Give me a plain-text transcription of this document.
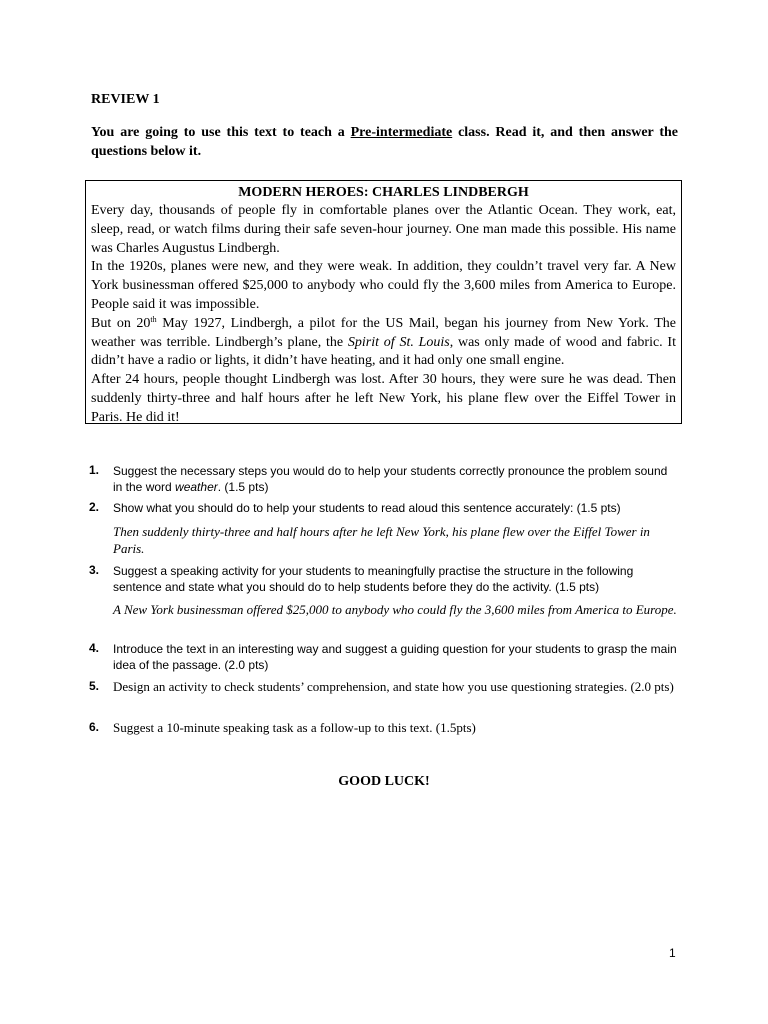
REVIEW 1
You are going to use this text to teach a Pre-intermediate class. Read it, and then answer the questions below it.
MODERN HEROES: CHARLES LINDBERGH

Every day, thousands of people fly in comfortable planes over the Atlantic Ocean. They work, eat, sleep, read, or watch films during their safe seven-hour journey. One man made this possible. His name was Charles Augustus Lindbergh.

In the 1920s, planes were new, and they were weak. In addition, they couldn’t travel very far. A New York businessman offered $25,000 to anybody who could fly the 3,600 miles from America to Europe. People said it was impossible.

But on 20th May 1927, Lindbergh, a pilot for the US Mail, began his journey from New York. The weather was terrible. Lindbergh’s plane, the Spirit of St. Louis, was only made of wood and fabric. It didn’t have a radio or lights, it didn’t have heating, and it had only one small engine.

After 24 hours, people thought Lindbergh was lost. After 30 hours, they were sure he was dead. Then suddenly thirty-three and half hours after he left New York, his plane flew over the Eiffel Tower in Paris. He did it!

1. Suggest the necessary steps you would do to help your students correctly pronounce the problem sound in the word weather. (1.5 pts)
2. Show what you should do to help your students to read aloud this sentence accurately: (1.5 pts)
Then suddenly thirty-three and half hours after he left New York, his plane flew over the Eiffel Tower in Paris.
3. Suggest a speaking activity for your students to meaningfully practise the structure in the following sentence and state what you should do to help students before they do the activity. (1.5 pts)
A New York businessman offered $25,000 to anybody who could fly the 3,600 miles from America to Europe.
4. Introduce the text in an interesting way and suggest a guiding question for your students to grasp the main idea of the passage. (2.0 pts)
5. Design an activity to check students’ comprehension, and state how you use questioning strategies. (2.0 pts)
6. Suggest a 10-minute speaking task as a follow-up to this text. (1.5pts)
GOOD LUCK!
1
